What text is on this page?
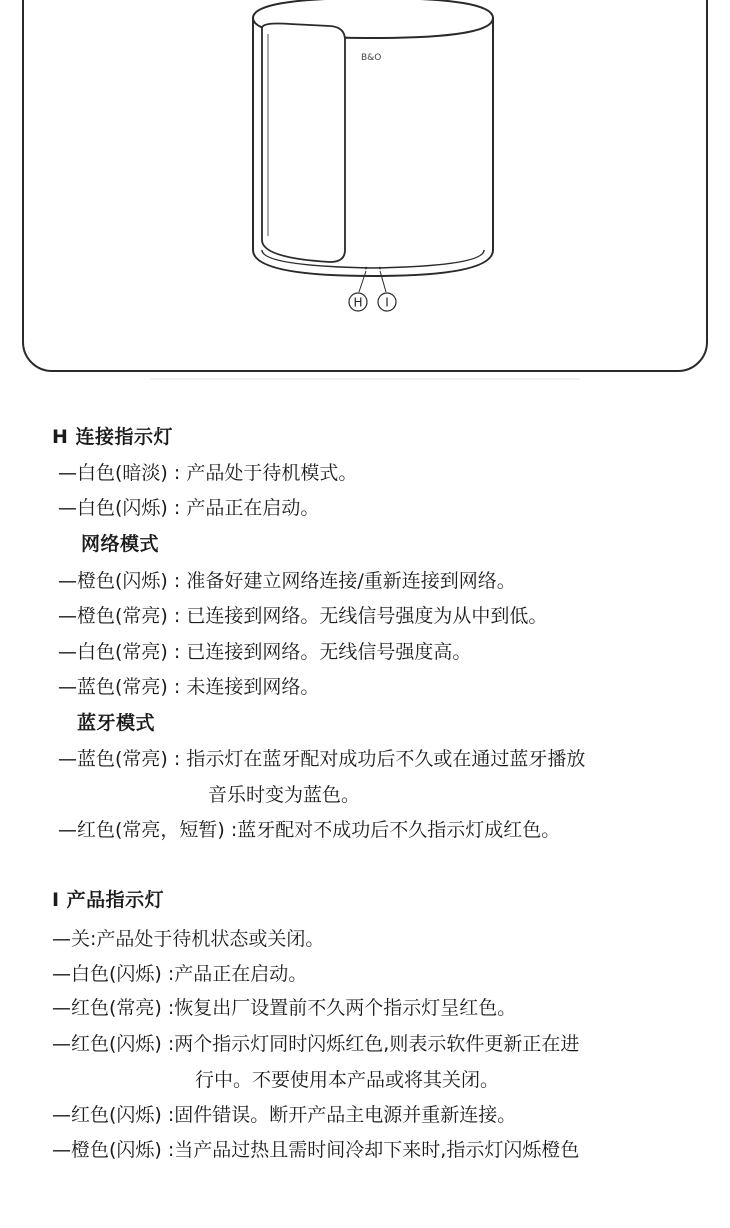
B&O
H I
H 连接指示灯
—白色(暗淡) : 产品处于待机模式。
—白色(闪烁) : 产品正在启动。
网络模式
—橙色(闪烁) : 准备好建立网络连接/重新连接到网络。
—橙色(常亮) : 已连接到网络。无线信号强度为从中到低。
—白色(常亮) : 已连接到网络。无线信号强度高。
—蓝色(常亮) : 未连接到网络。
蓝牙模式
—蓝色(常亮) : 指示灯在蓝牙配对成功后不久或在通过蓝牙播放
音乐时变为蓝色。
—红色(常亮，短暂) :蓝牙配对不成功后不久指示灯成红色。
I 产品指示灯
—关:产品处于待机状态或关闭。
—白色(闪烁) :产品正在启动。
—红色(常亮) :恢复出厂设置前不久两个指示灯呈红色。
—红色(闪烁) :两个指示灯同时闪烁红色,则表示软件更新正在进
行中。不要使用本产品或将其关闭。
—红色(闪烁) :固件错误。断开产品主电源并重新连接。
—橙色(闪烁) :当产品过热且需时间冷却下来时,指示灯闪烁橙色
